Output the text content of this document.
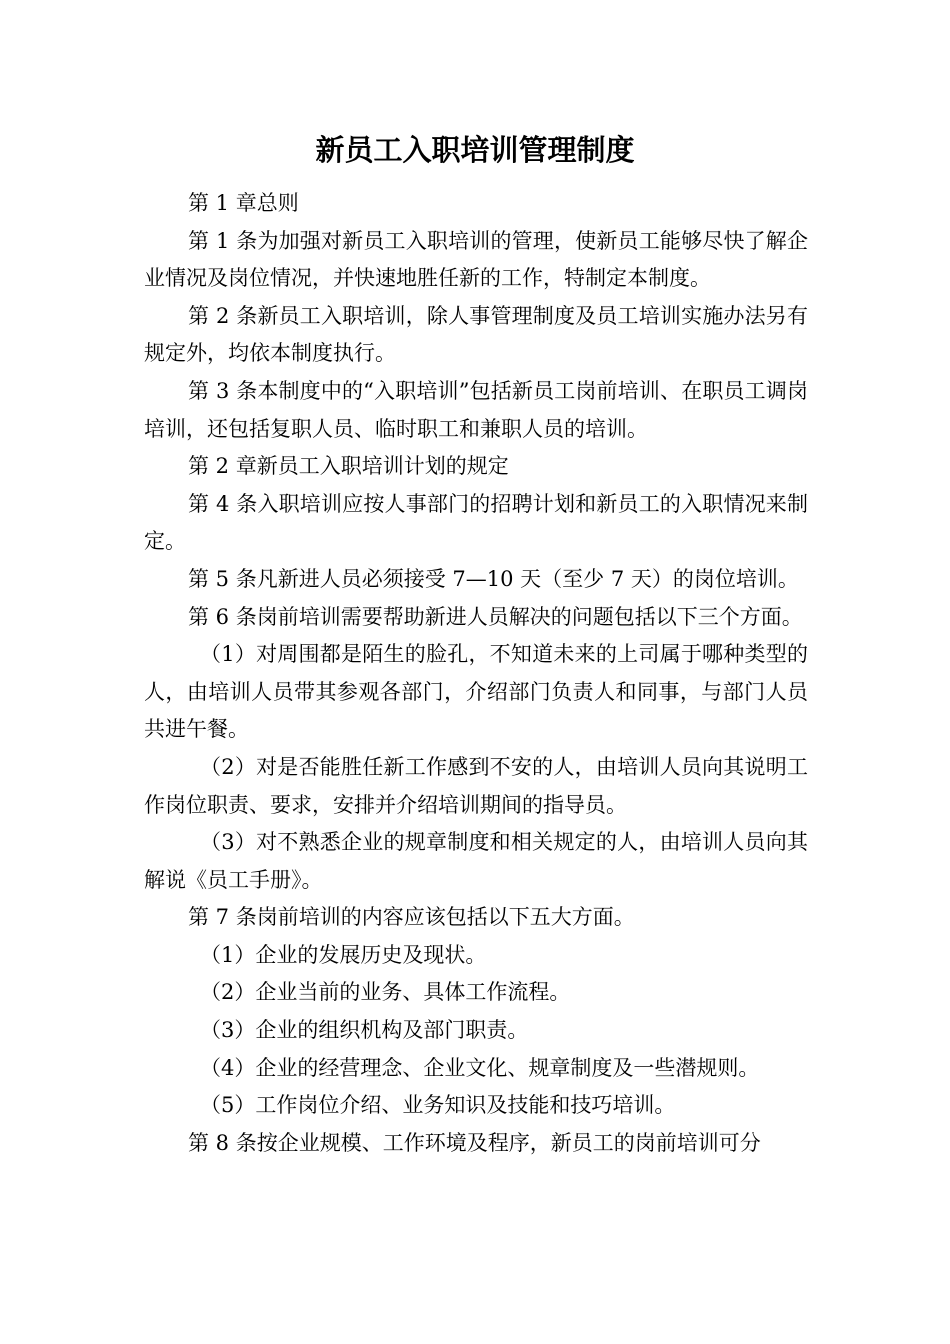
新员工入职培训管理制度

第 1 章总则

第 1 条为加强对新员工入职培训的管理，使新员工能够尽快了解企业情况及岗位情况，并快速地胜任新的工作，特制定本制度。

第 2 条新员工入职培训，除人事管理制度及员工培训实施办法另有规定外，均依本制度执行。

第 3 条本制度中的“入职培训”包括新员工岗前培训、在职员工调岗培训，还包括复职人员、临时职工和兼职人员的培训。

第 2 章新员工入职培训计划的规定

第 4 条入职培训应按人事部门的招聘计划和新员工的入职情况来制定。

第 5 条凡新进人员必须接受 7—10 天（至少 7 天）的岗位培训。

第 6 条岗前培训需要帮助新进人员解决的问题包括以下三个方面。

（1）对周围都是陌生的脸孔，不知道未来的上司属于哪种类型的人，由培训人员带其参观各部门，介绍部门负责人和同事，与部门人员共进午餐。

（2）对是否能胜任新工作感到不安的人，由培训人员向其说明工作岗位职责、要求，安排并介绍培训期间的指导员。

（3）对不熟悉企业的规章制度和相关规定的人，由培训人员向其解说《员工手册》。

第 7 条岗前培训的内容应该包括以下五大方面。

（1）企业的发展历史及现状。

（2）企业当前的业务、具体工作流程。

（3）企业的组织机构及部门职责。

（4）企业的经营理念、企业文化、规章制度及一些潜规则。

（5）工作岗位介绍、业务知识及技能和技巧培训。

第 8 条按企业规模、工作环境及程序，新员工的岗前培训可分
